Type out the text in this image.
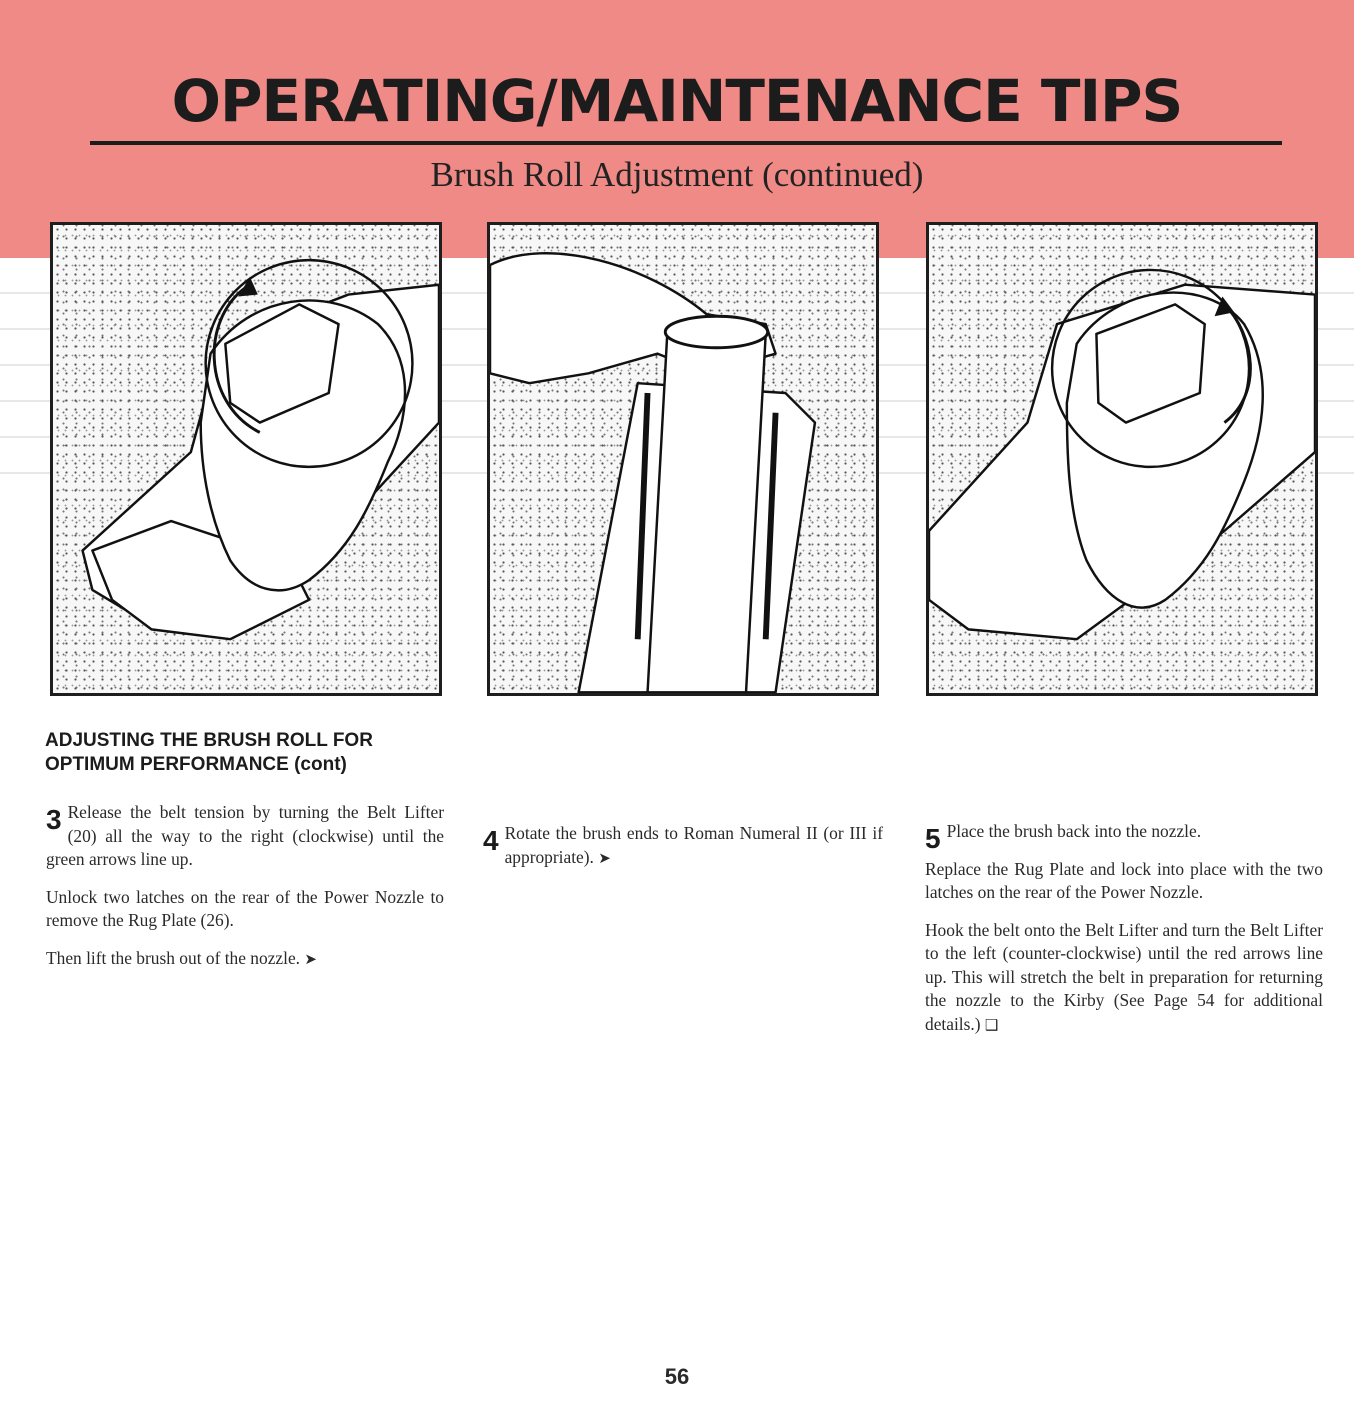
OPERATING/MAINTENANCE TIPS
Brush Roll Adjustment (continued)
ADJUSTING THE BRUSH ROLL FOR
OPTIMUM PERFORMANCE (cont)

3 Release the belt tension by turning the Belt Lifter (20) all the way to the right (clockwise) until the green arrows line up.

Unlock two latches on the rear of the Power Nozzle to remove the Rug Plate (26).

Then lift the brush out of the nozzle. ➤

4 Rotate the brush ends to Roman Numeral II (or III if appropriate). ➤

5 Place the brush back into the nozzle.

Replace the Rug Plate and lock into place with the two latches on the rear of the Power Nozzle.

Hook the belt onto the Belt Lifter and turn the Belt Lifter to the left (counter-clockwise) until the red arrows line up. This will stretch the belt in preparation for returning the nozzle to the Kirby (See Page 54 for additional details.) ❑

56
